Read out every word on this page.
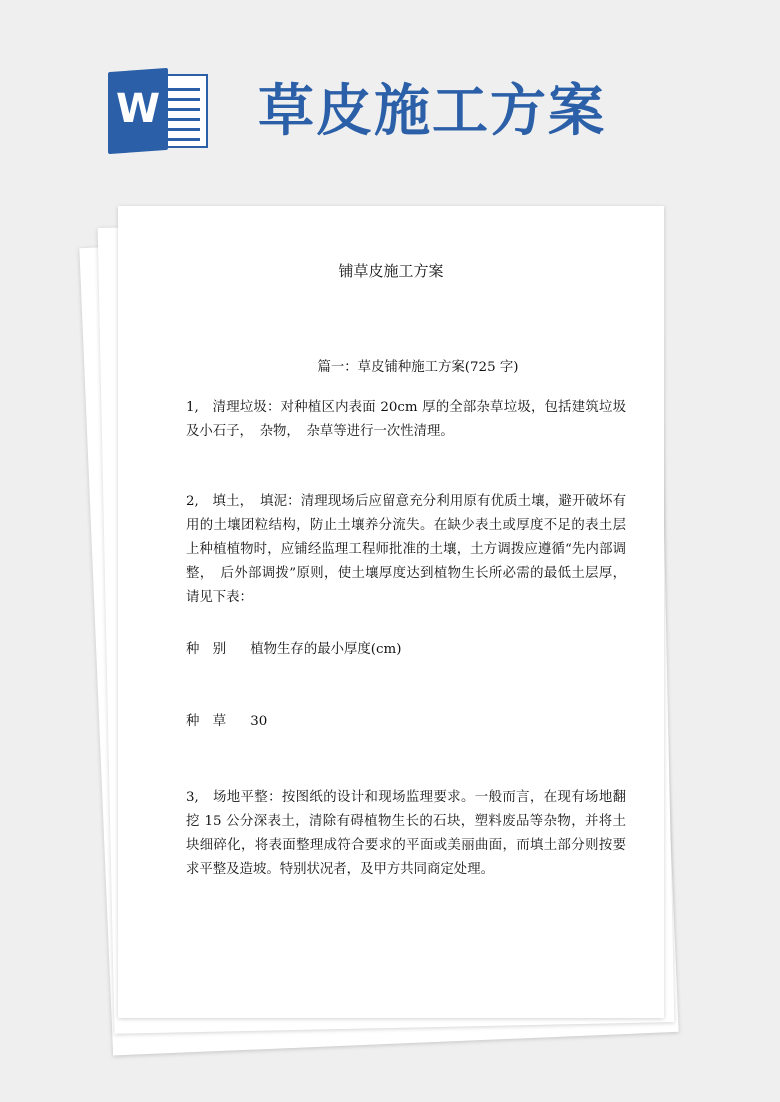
W 草皮施工方案
铺草皮施工方案
篇一：草皮铺种施工方案(725 字)
1,　清理垃圾：对种植区内表面 20cm 厚的全部杂草垃圾，包括建筑垃圾及小石子，　杂物，　杂草等进行一次性清理。
2,　填土，　填泥：清理现场后应留意充分利用原有优质土壤，避开破坏有用的土壤团粒结构，防止土壤养分流失。在缺少表土或厚度不足的表土层上种植植物时，应铺经监理工程师批准的土壤，土方调拨应遵循“先内部调整，　后外部调拨”原则，使土壤厚度达到植物生长所必需的最低土层厚，请见下表：
种　别 植物生存的最小厚度(cm)
种　草 30
3,　场地平整：按图纸的设计和现场监理要求。一般而言，在现有场地翻挖 15 公分深表土，清除有碍植物生长的石块，塑料废品等杂物，并将土块细碎化，将表面整理成符合要求的平面或美丽曲面，而填土部分则按要求平整及造坡。特别状况者，及甲方共同商定处理。
